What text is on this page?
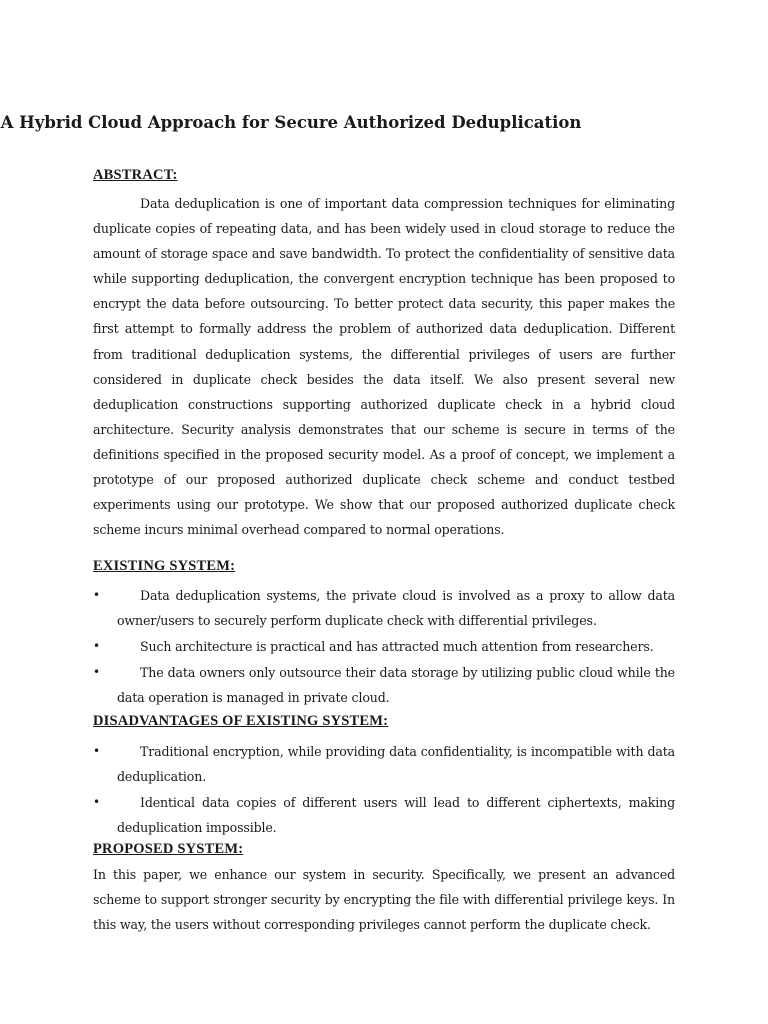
A Hybrid Cloud Approach for Secure Authorized Deduplication
ABSTRACT:

Data deduplication is one of important data compression techniques for eliminating duplicate copies of repeating data, and has been widely used in cloud storage to reduce the amount of storage space and save bandwidth. To protect the confidentiality of sensitive data while supporting deduplication, the convergent encryption technique has been proposed to encrypt the data before outsourcing. To better protect data security, this paper makes the first attempt to formally address the problem of authorized data deduplication. Different from traditional deduplication systems, the differential privileges of users are further considered in duplicate check besides the data itself. We also present several new deduplication constructions supporting authorized duplicate check in a hybrid cloud architecture. Security analysis demonstrates that our scheme is secure in terms of the definitions specified in the proposed security model. As a proof of concept, we implement a prototype of our proposed authorized duplicate check scheme and conduct testbed experiments using our prototype. We show that our proposed authorized duplicate check scheme incurs minimal overhead compared to normal operations.

EXISTING SYSTEM:
•	Data deduplication systems, the private cloud is involved as a proxy to allow data owner/users to securely perform duplicate check with differential privileges.
•	Such architecture is practical and has attracted much attention from researchers.
•	The data owners only outsource their data storage by utilizing public cloud while the data operation is managed in private cloud.
DISADVANTAGES OF EXISTING SYSTEM:
•	Traditional encryption, while providing data confidentiality, is incompatible with data deduplication.
•	Identical data copies of different users will lead to different ciphertexts, making deduplication impossible.
PROPOSED SYSTEM:

In this paper, we enhance our system in security. Specifically, we present an advanced scheme to support stronger security by encrypting the file with differential privilege keys. In this way, the users without corresponding privileges cannot perform the duplicate check.
